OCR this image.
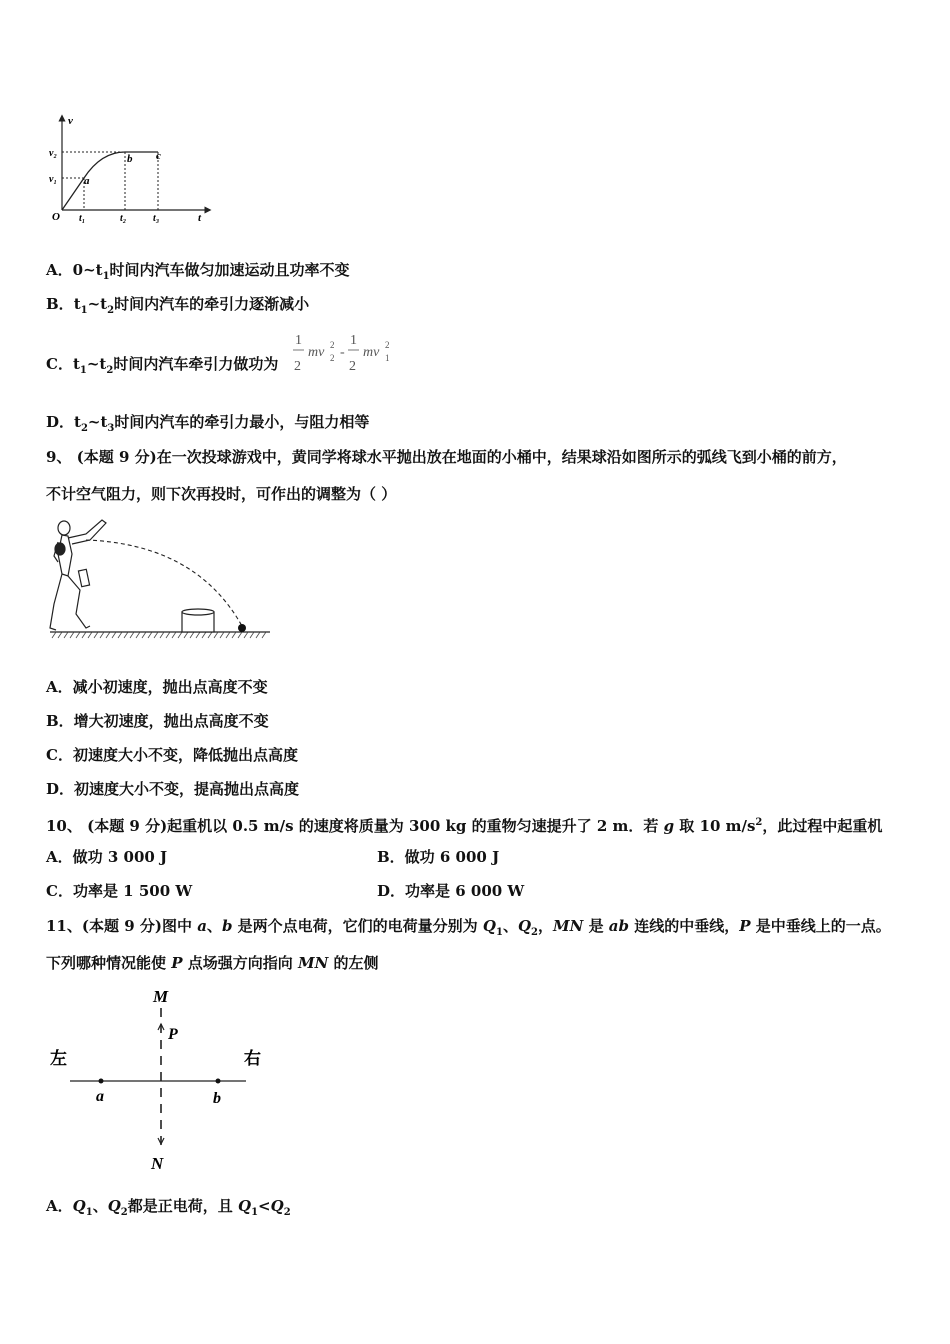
v
t
O
v₂
v₁
t₁	t₂	t₃
a
b c
A．$0\sim t_1$时间内汽车做匀加速运动且功率不变
B．$t_1\sim t_2$时间内汽车的牵引力逐渐减小
C．$t_1\sim t_2$时间内汽车牵引力做功为
1
2
mv 2
2 -
1
2
mv 2
1
D．$t_2\sim t_3$时间内汽车的牵引力最小，与阻力相等
9、 (本题 9 分)在一次投球游戏中，黄同学将球水平抛出放在地面的小桶中，结果球沿如图所示的弧线飞到小桶的前方，
不计空气阻力，则下次再投时，可作出的调整为（ ）
A．减小初速度，抛出点高度不变
B．增大初速度，抛出点高度不变
C．初速度大小不变，降低抛出点高度
D．初速度大小不变，提高抛出点高度
10、 (本题 9 分)起重机以 0.5 m/s 的速度将质量为 300 kg 的重物匀速提升了 2 m．若 g 取 10 $m/s^2$，此过程中起重机
A．做功 3 000 J	B．做功 6 000 J
C．功率是 1 500 W	D．功率是 6 000 W
11、(本题 9 分)图中 a、b 是两个点电荷，它们的电荷量分别为 $Q_1$、$Q_2$，MN 是 ab 连线的中垂线，P 是中垂线上的一点。
下列哪种情况能使 P 点场强方向指向 MN 的左侧
M
N
P
左	右
a	b
A．$Q_1$、$Q_2$都是正电荷，且 $Q_1<Q_2$
